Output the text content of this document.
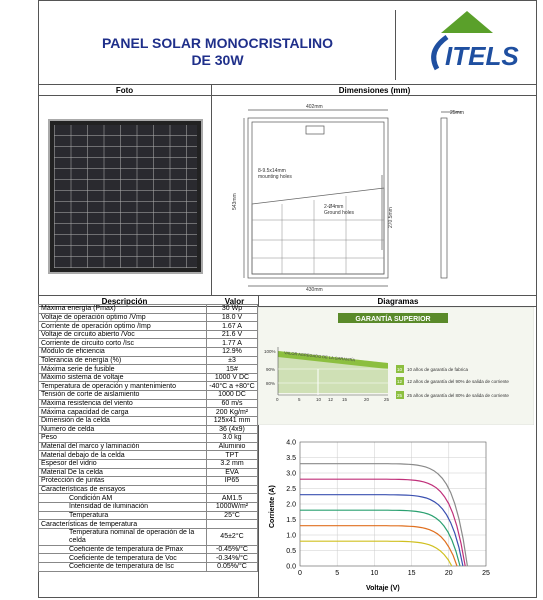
PANEL SOLAR MONOCRISTALINO
DE 30W	ITELS
Foto	Dimensiones (mm)
Descripción	Valor	Diagramas
402mm
25mm
543mm
270.5mm
8-9.5x14mm
mounting holes
2-Ø4mm
Ground holes
430mm
Máxima energía (Pmax)	30 Wp
Voltaje de operación optimo /Vmp	18.0 V
Corriente de operación optimo /Imp	1.67 A
Voltaje de circuito abierto /Voc	21.6 V
Corriente de circuito corto /Isc	1.77 A
Módulo de eficiencia	12.9%
Tolerancia de energía (%)	±3
Máxima serie de fusible	15#
Máximo sistema de voltaje	1000 V DC
Temperatura de operación y mantenimiento	-40°C a +80°C
Tensión de corte de aislamiento	1000 DC
Máxima resistencia del viento	60 m/s
Máxima capacidad de carga	200 Kg/m²
Dimensión de la celda	125x41 mm
Numero de celda	36 (4x9)
Peso	3.0 kg
Material del marco y laminación	Aluminio
Material debajo de la celda	TPT
Espesor del vidrio	3.2 mm
Material De la celda	EVA
Protección de juntas	IP65
Características de ensayos	
Condición AM	AM1.5
Intensidad de iluminación	1000W/m²
Temperatura	25°C
Características de temperatura	
Temperatura nominal de operación de la celda	45±2°C
Coeficiente de temperatura de Pmax	-0.45%/°C
Coeficiente de temperatura de Voc	-0.34%/°C
Coeficiente de temperatura de Isc	0.05%/°C
GARANTÍA SUPERIOR
VALOR AGREGADO DE LA GARANTÍA
100%
90%
80%
0	5	10 12 15	20	25
10 10 años de garantía de fabrica
12 12 años de garantía del 90% de salida de corriente
25 25 años de garantía del 80% de salida de corriente
Corriente (A)
Voltaje (V)
0.0
0.5
1.0
1.5
2.0
2.5
3.0
3.5
4.0
0	5	10	15	20	25
